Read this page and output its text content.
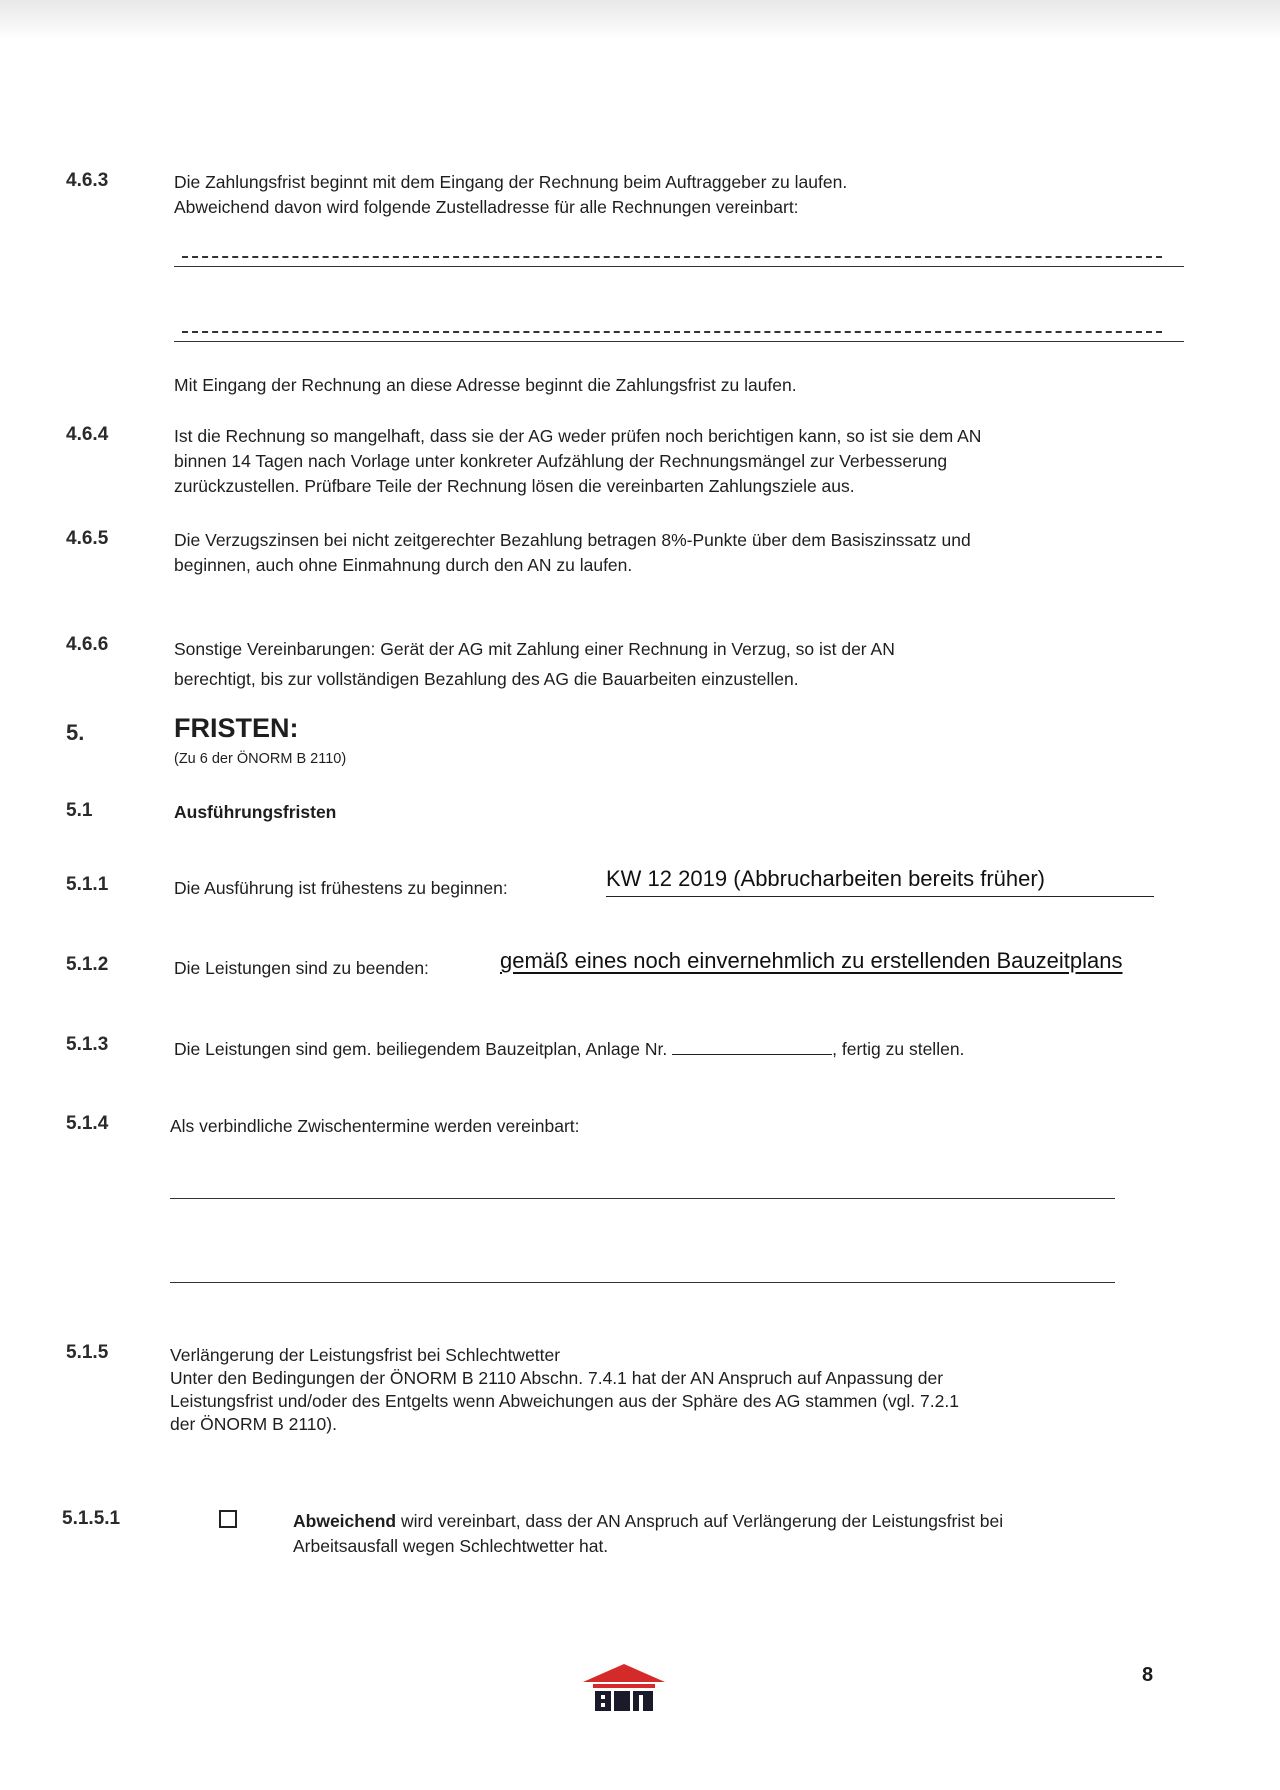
4.6.3	Die Zahlungsfrist beginnt mit dem Eingang der Rechnung beim Auftraggeber zu laufen.
Abweichend davon wird folgende Zustelladresse für alle Rechnungen vereinbart:
Mit Eingang der Rechnung an diese Adresse beginnt die Zahlungsfrist zu laufen.
4.6.4	Ist die Rechnung so mangelhaft, dass sie der AG weder prüfen noch berichtigen kann, so ist sie dem AN
binnen 14 Tagen nach Vorlage unter konkreter Aufzählung der Rechnungsmängel zur Verbesserung
zurückzustellen. Prüfbare Teile der Rechnung lösen die vereinbarten Zahlungsziele aus.
4.6.5	Die Verzugszinsen bei nicht zeitgerechter Bezahlung betragen 8%-Punkte über dem Basiszinssatz und
beginnen, auch ohne Einmahnung durch den AN zu laufen.
4.6.6	Sonstige Vereinbarungen: Gerät der AG mit Zahlung einer Rechnung in Verzug, so ist der AN
berechtigt, bis zur vollständigen Bezahlung des AG die Bauarbeiten einzustellen.
5.	FRISTEN:
(Zu 6 der ÖNORM B 2110)
5.1	Ausführungsfristen
5.1.1	Die Ausführung ist frühestens zu beginnen:	KW 12 2019 (Abbrucharbeiten bereits früher)
5.1.2	Die Leistungen sind zu beenden:	gemäß eines noch einvernehmlich zu erstellenden Bauzeitplans
5.1.3	Die Leistungen sind gem. beiliegendem Bauzeitplan, Anlage Nr.	, fertig zu stellen.
5.1.4	Als verbindliche Zwischentermine werden vereinbart:
5.1.5	Verlängerung der Leistungsfrist bei Schlechtwetter
Unter den Bedingungen der ÖNORM B 2110 Abschn. 7.4.1 hat der AN Anspruch auf Anpassung der
Leistungsfrist und/oder des Entgelts wenn Abweichungen aus der Sphäre des AG stammen (vgl. 7.2.1
der ÖNORM B 2110).
5.1.5.1	Abweichend wird vereinbart, dass der AN Anspruch auf Verlängerung der Leistungsfrist bei
Arbeitsausfall wegen Schlechtwetter hat.
8
